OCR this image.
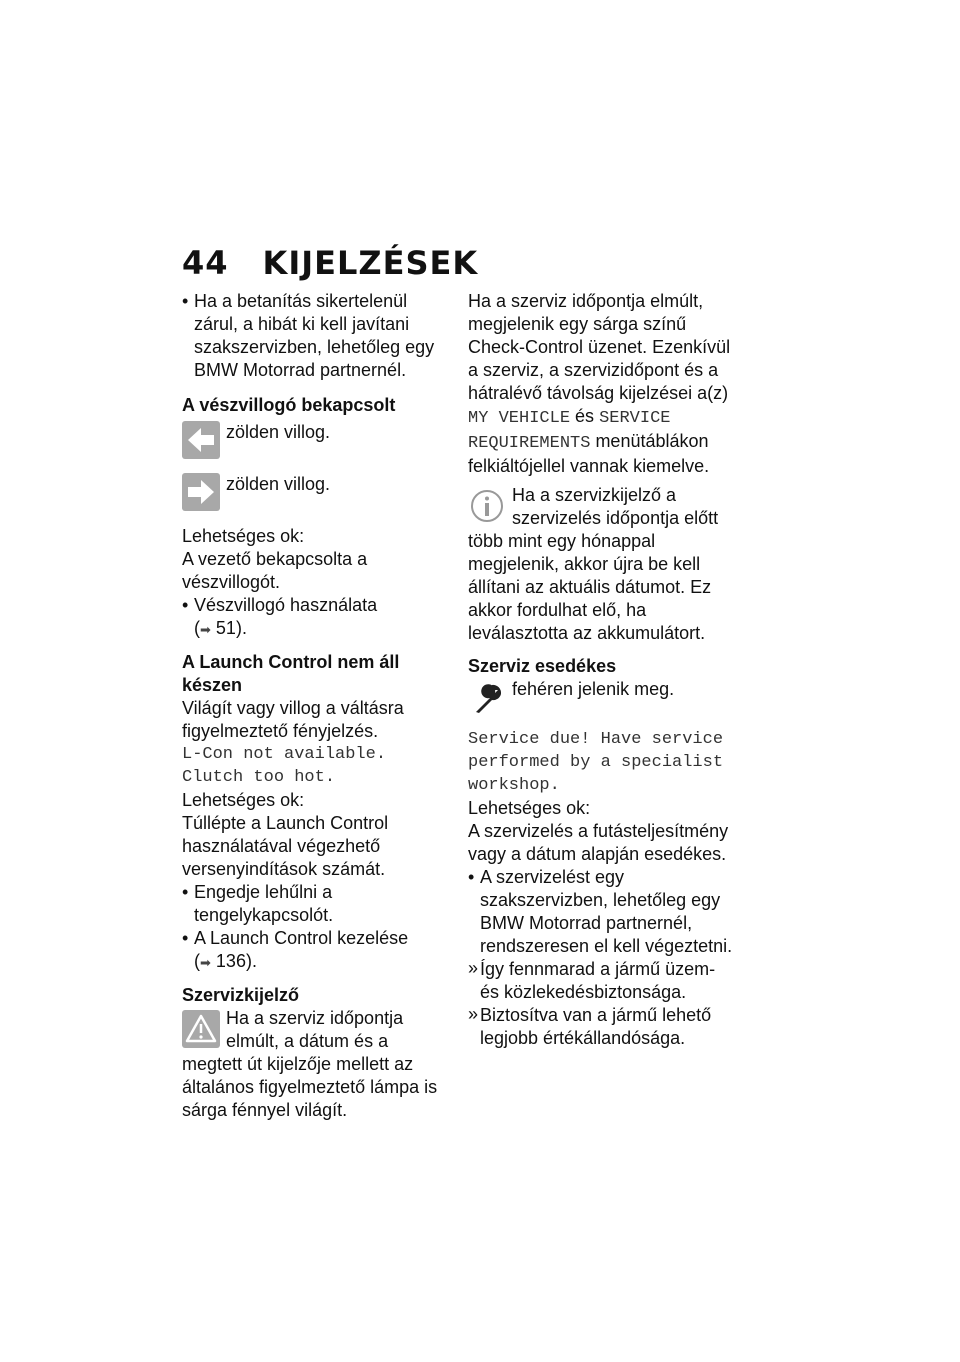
44 KIJELZÉSEK

• Ha a betanítás sikertelenül zárul, a hibát ki kell javítani szakszervizben, lehetőleg egy BMW Motorrad partnernél.

A vészvillogó bekapcsolt

zölden villog.

zölden villog.

Lehetséges ok:

A vezető bekapcsolta a vészvillogót.

• Vészvillogó használata
(➡ 51).

A Launch Control nem áll készen

Világít vagy villog a váltásra figyelmeztető fényjelzés.

L-Con not available.

Clutch too hot.

Lehetséges ok:

Túllépte a Launch Control használatával végezhető versenyindítások számát.

• Engedje lehűlni a tengelykapcsolót.

• A Launch Control kezelése
(➡ 136).

Szervizkijelző

Ha a szerviz időpontja elmúlt, a dátum és a megtett út kijelzője mellett az általános figyelmeztető lámpa is sárga fénnyel világít.

Ha a szerviz időpontja elmúlt, megjelenik egy sárga színű Check-Control üzenet. Ezenkívül a szerviz, a szervizidőpont és a hátralévő távolság kijelzései a(z) MY VEHICLE és SERVICE REQUIREMENTS menütáblákon felkiáltójellel vannak kiemelve.

Ha a szervizkijelző a szervizelés időpontja előtt több mint egy hónappal megjelenik, akkor újra be kell állítani az aktuális dátumot. Ez akkor fordulhat elő, ha leválasztotta az akkumulátort.

Szerviz esedékes

fehéren jelenik meg.

Service due! Have service performed by a specialist workshop.

Lehetséges ok:

A szervizelés a futásteljesítmény vagy a dátum alapján esedékes.

• A szervizelést egy szakszervizben, lehetőleg egy BMW Motorrad partnernél, rendszeresen el kell végeztetni.

» Így fennmarad a jármű üzem- és közlekedésbiztonsága.

» Biztosítva van a jármű lehető legjobb értékállandósága.
